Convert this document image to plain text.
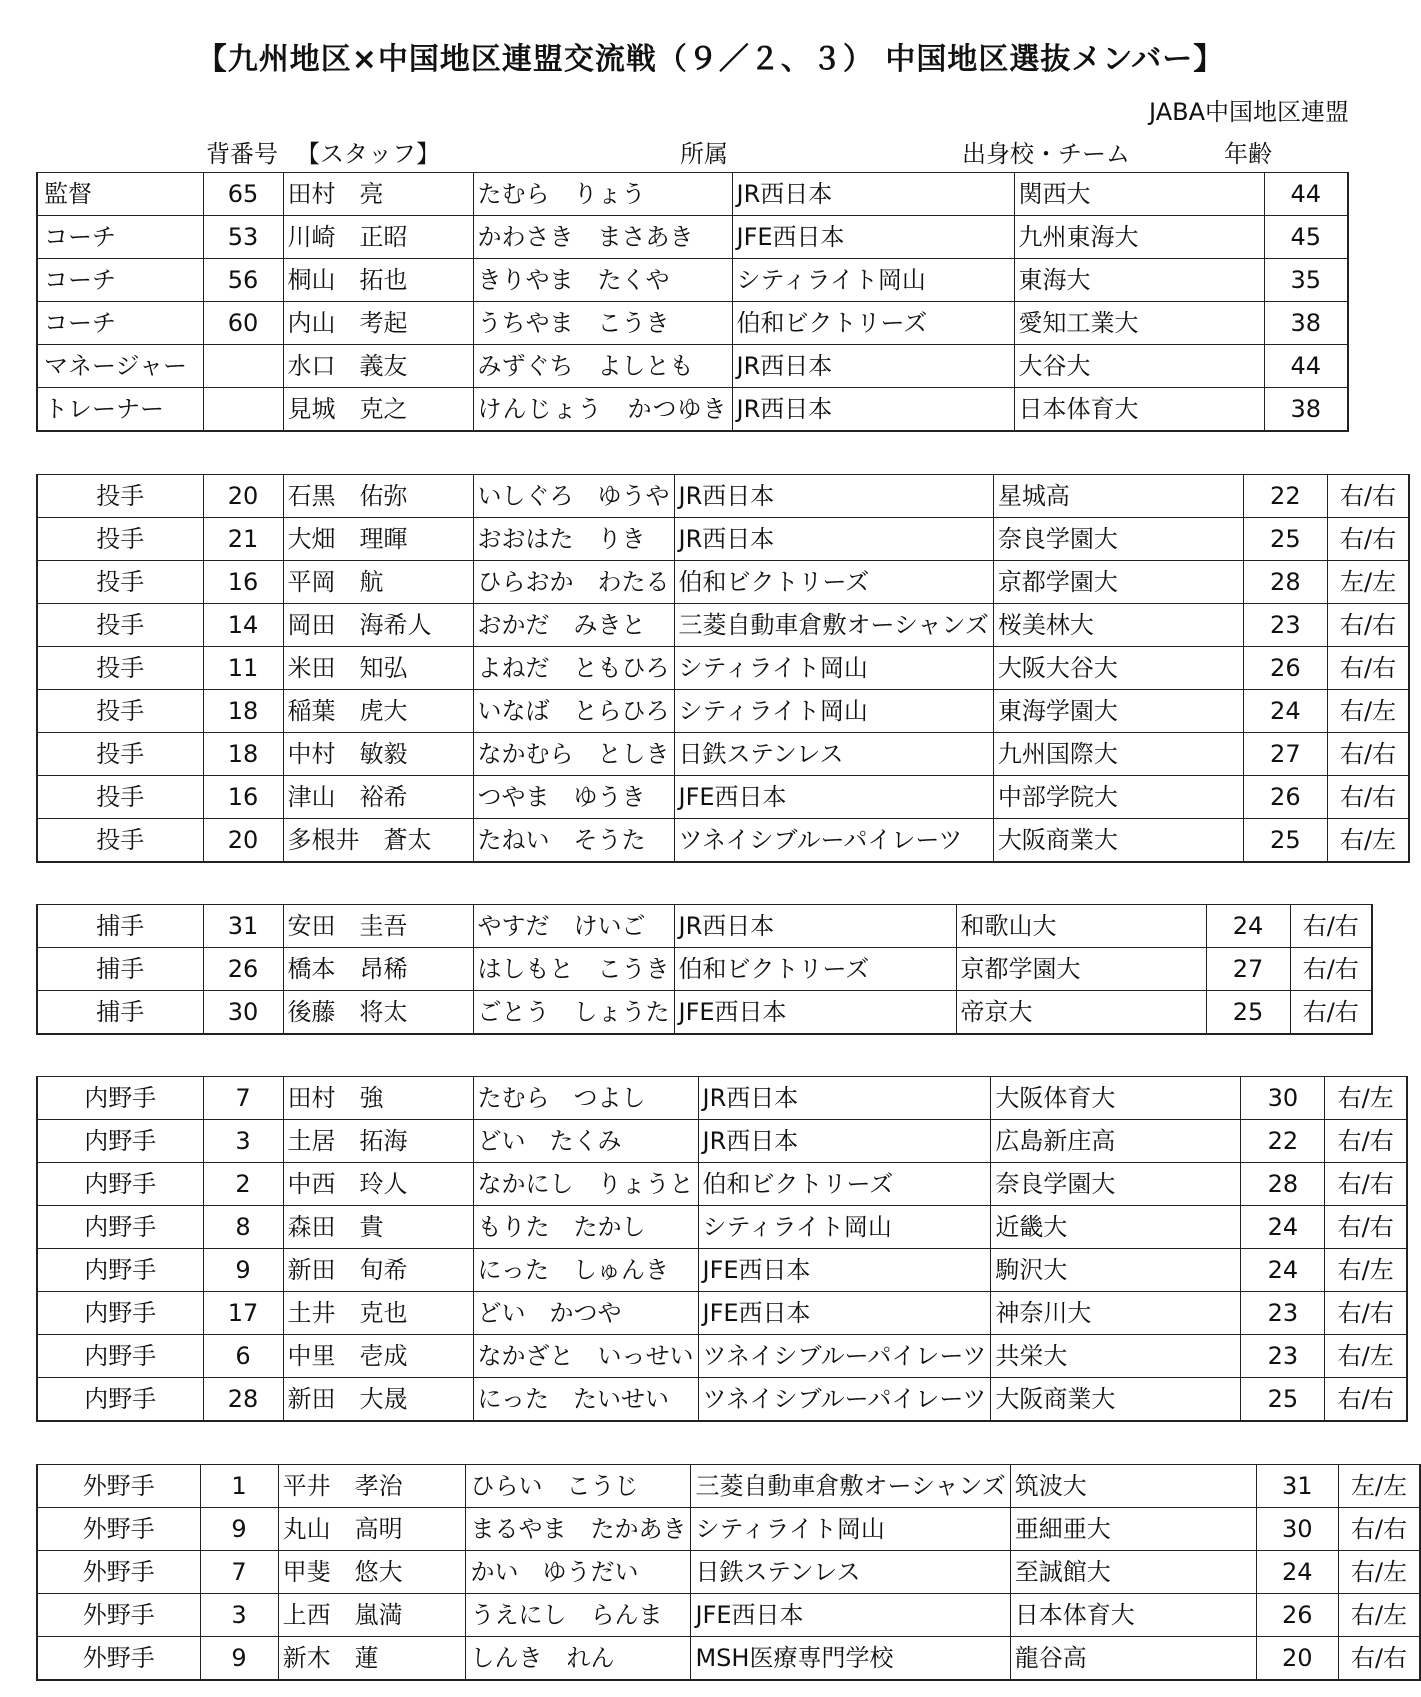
【九州地区×中国地区連盟交流戦（９／２、３） 中国地区選抜メンバー】
JABA中国地区連盟
背番号 【スタッフ】	所属	出身校・チーム	年齢
監督	65	田村　亮	たむら　りょう	JR西日本	関西大	44
コーチ	53	川崎　正昭	かわさき　まさあき	JFE西日本	九州東海大	45
コーチ	56	桐山　拓也	きりやま　たくや	シティライト岡山	東海大	35
コーチ	60	内山　考起	うちやま　こうき	伯和ビクトリーズ	愛知工業大	38
マネージャー		水口　義友	みずぐち　よしとも	JR西日本	大谷大	44
トレーナー		見城　克之	けんじょう　かつゆき	JR西日本	日本体育大	38
投手	20	石黒　佑弥	いしぐろ　ゆうや	JR西日本	星城高	22	右/右
投手	21	大畑　理暉	おおはた　りき	JR西日本	奈良学園大	25	右/右
投手	16	平岡　航	ひらおか　わたる	伯和ビクトリーズ	京都学園大	28	左/左
投手	14	岡田　海希人	おかだ　みきと	三菱自動車倉敷オーシャンズ	桜美林大	23	右/右
投手	11	米田　知弘	よねだ　ともひろ	シティライト岡山	大阪大谷大	26	右/右
投手	18	稲葉　虎大	いなば　とらひろ	シティライト岡山	東海学園大	24	右/左
投手	18	中村　敏毅	なかむら　としき	日鉄ステンレス	九州国際大	27	右/右
投手	16	津山　裕希	つやま　ゆうき	JFE西日本	中部学院大	26	右/右
投手	20	多根井　蒼太	たねい　そうた	ツネイシブルーパイレーツ	大阪商業大	25	右/左
捕手	31	安田　圭吾	やすだ　けいご	JR西日本	和歌山大	24	右/右
捕手	26	橋本　昂稀	はしもと　こうき	伯和ビクトリーズ	京都学園大	27	右/右
捕手	30	後藤　将太	ごとう　しょうた	JFE西日本	帝京大	25	右/右
内野手	7	田村　強	たむら　つよし	JR西日本	大阪体育大	30	右/左
内野手	3	土居　拓海	どい　たくみ	JR西日本	広島新庄高	22	右/右
内野手	2	中西　玲人	なかにし　りょうと	伯和ビクトリーズ	奈良学園大	28	右/右
内野手	8	森田　貴	もりた　たかし	シティライト岡山	近畿大	24	右/右
内野手	9	新田　旬希	にった　しゅんき	JFE西日本	駒沢大	24	右/左
内野手	17	土井　克也	どい　かつや	JFE西日本	神奈川大	23	右/右
内野手	6	中里　壱成	なかざと　いっせい	ツネイシブルーパイレーツ	共栄大	23	右/左
内野手	28	新田　大晟	にった　たいせい	ツネイシブルーパイレーツ	大阪商業大	25	右/右
外野手	1	平井　孝治	ひらい　こうじ	三菱自動車倉敷オーシャンズ	筑波大	31	左/左
外野手	9	丸山　高明	まるやま　たかあき	シティライト岡山	亜細亜大	30	右/右
外野手	7	甲斐　悠大	かい　ゆうだい	日鉄ステンレス	至誠館大	24	右/左
外野手	3	上西　嵐満	うえにし　らんま	JFE西日本	日本体育大	26	右/左
外野手	9	新木　蓮	しんき　れん	MSH医療専門学校	龍谷高	20	右/右
